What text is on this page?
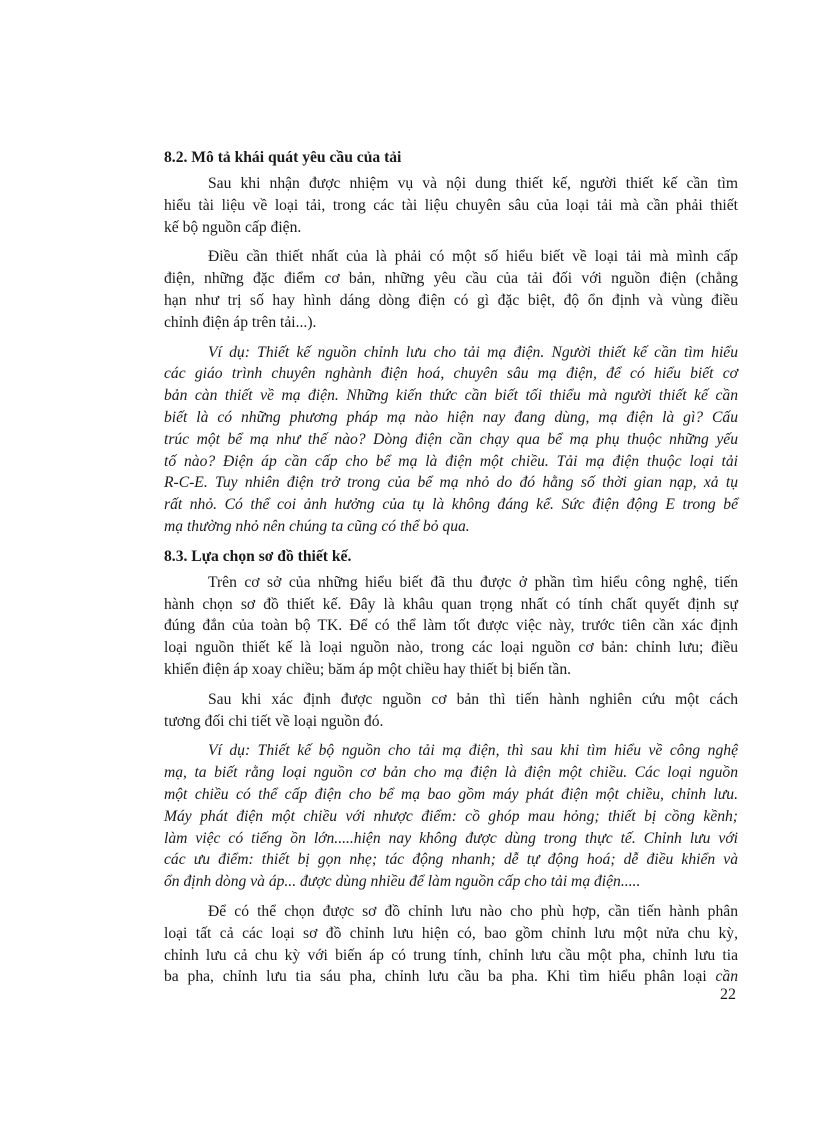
8.2. Mô tả khái quát yêu cầu của tải
Sau khi nhận được nhiệm vụ và nội dung thiết kế, người thiết kế cần tìm
hiểu tài liệu về loại tải, trong các tài liệu chuyên sâu của loại tải mà cần phải thiết
kế bộ nguồn cấp điện.
Điều cần thiết nhất của là phải có một số hiểu biết về loại tải mà mình cấp
điện, những đặc điểm cơ bản, những yêu cầu của tải đối với nguồn điện (chẳng
hạn như trị số hay hình dáng dòng điện có gì đặc biệt, độ ổn định và vùng điều
chỉnh điện áp trên tải...).
Ví dụ: Thiết kế nguồn chỉnh lưu cho tải mạ điện. Người thiết kế cần tìm hiểu
các giáo trình chuyên nghành điện hoá, chuyên sâu mạ điện, để có hiểu biết cơ
bản càn thiết về mạ điện. Những kiến thức cần biết tối thiểu mà người thiết kế cần
biết là có những phương pháp mạ nào hiện nay đang dùng, mạ điện là gì? Cấu
trúc một bể mạ như thế nào? Dòng điện cần chạy qua bể mạ phụ thuộc những yếu
tố nào? Điện áp cần cấp cho bể mạ là điện một chiều. Tải mạ điện thuộc loại tải
R-C-E. Tuy nhiên điện trở trong của bể mạ nhỏ do đó hằng số thời gian nạp, xả tụ
rất nhỏ. Có thể coi ảnh hưởng của tụ là không đáng kể. Sức điện động E trong bể
mạ thường nhỏ nên chúng ta cũng có thể bỏ qua.
8.3. Lựa chọn sơ đồ thiết kế.
Trên cơ sở của những hiểu biết đã thu được ở phần tìm hiểu công nghệ, tiến
hành chọn sơ đồ thiết kế. Đây là khâu quan trọng nhất có tính chất quyết định sự
đúng đắn của toàn bộ TK. Để có thể làm tốt được việc này, trước tiên cần xác định
loại nguồn thiết kế là loại nguồn nào, trong các loại nguồn cơ bản: chỉnh lưu; điều
khiển điện áp xoay chiều; băm áp một chiều hay thiết bị biến tần.
Sau khi xác định được nguồn cơ bản thì tiến hành nghiên cứu một cách
tương đối chi tiết về loại nguồn đó.
Ví dụ: Thiết kế bộ nguồn cho tải mạ điện, thì sau khi tìm hiểu về công nghệ
mạ, ta biết rằng loại nguồn cơ bản cho mạ điện là điện một chiều. Các loại nguồn
một chiều có thể cấp điện cho bể mạ bao gồm máy phát điện một chiều, chỉnh lưu.
Máy phát điện một chiều với nhược điểm: cồ ghóp mau hỏng; thiết bị cồng kềnh;
làm việc có tiếng ồn lớn.....hiện nay không được dùng trong thực tế. Chỉnh lưu với
các ưu điểm: thiết bị gọn nhẹ; tác động nhanh; dễ tự động hoá; dễ điều khiển và
ổn định dòng và áp... được dùng nhiều để làm nguồn cấp cho tải mạ điện.....
Để có thể chọn được sơ đồ chỉnh lưu nào cho phù hợp, cần tiến hành phân
loại tất cả các loại sơ đồ chỉnh lưu hiện có, bao gồm chỉnh lưu một nửa chu kỳ,
chỉnh lưu cả chu kỳ với biến áp có trung tính, chỉnh lưu cầu một pha, chỉnh lưu tia
ba pha, chỉnh lưu tia sáu pha, chỉnh lưu cầu ba pha. Khi tìm hiểu phân loại cần
22
